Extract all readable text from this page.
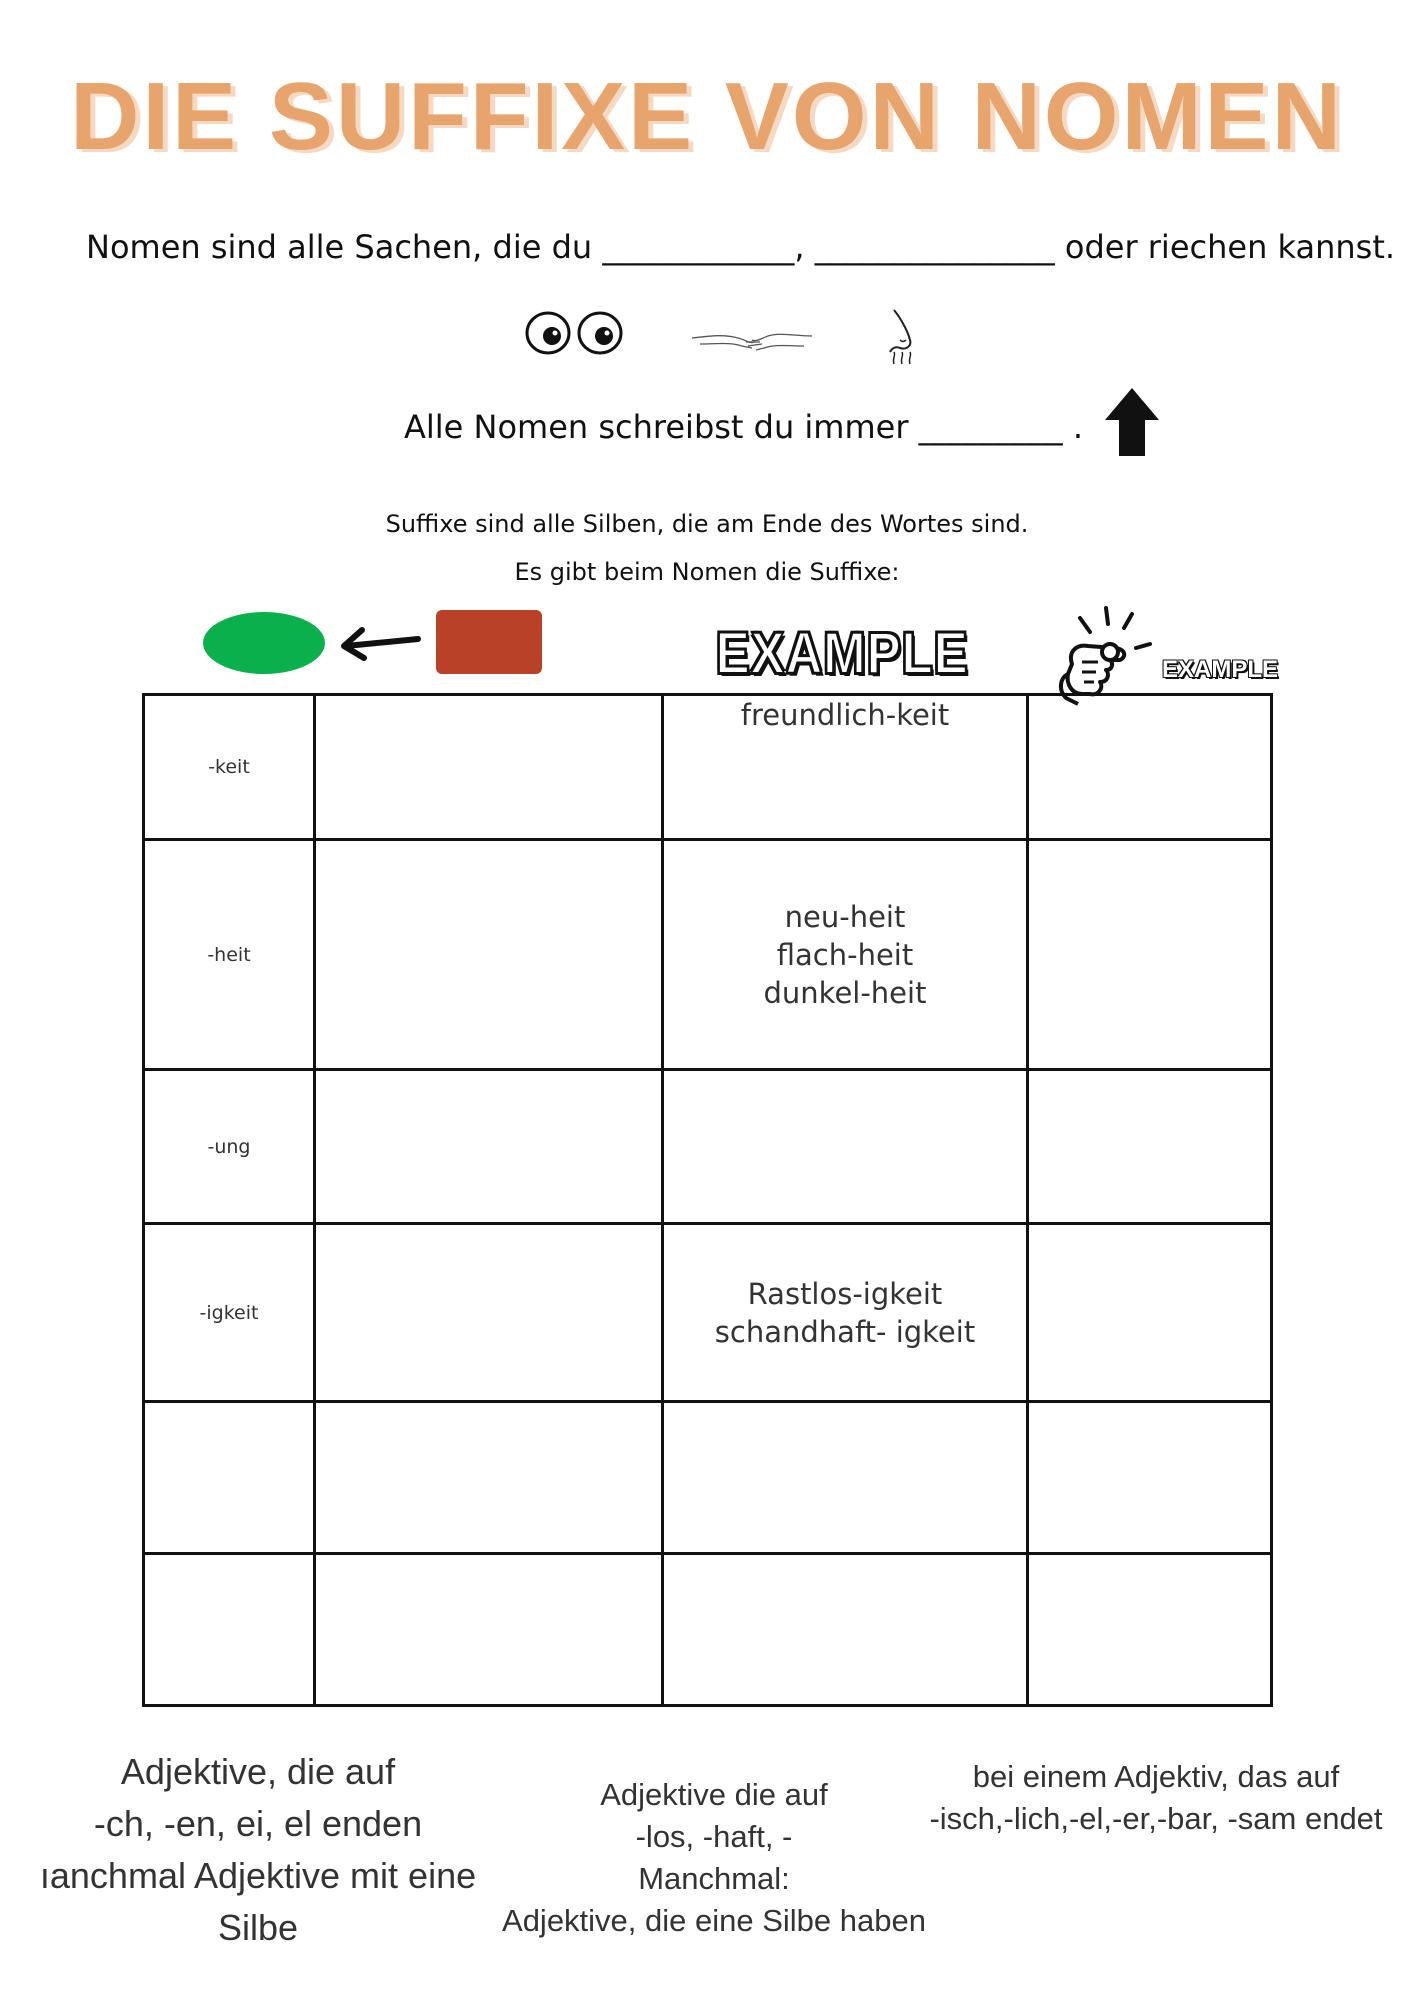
DIE SUFFIXE VON NOMEN
Nomen sind alle Sachen, die du ____________, _______________ oder riechen kannst.
Alle Nomen schreibst du immer _________ .
Suffixe sind alle Silben, die am Ende des Wortes sind.
Es gibt beim Nomen die Suffixe:
EXAMPLE	EXAMPLE
-keit		freundlich-keit	
-heit		neu-heit
flach-heit
dunkel-heit	
-ung			
-igkeit		Rastlos-igkeit
schandhaft- igkeit	

Adjektive, die auf
-ch, -en, ei, el enden
ıanchmal Adjektive mit eine
Silbe
Adjektive die auf
-los, -haft, -
Manchmal:
Adjektive, die eine Silbe haben
bei einem Adjektiv, das auf
-isch,-lich,-el,-er,-bar, -sam endet
